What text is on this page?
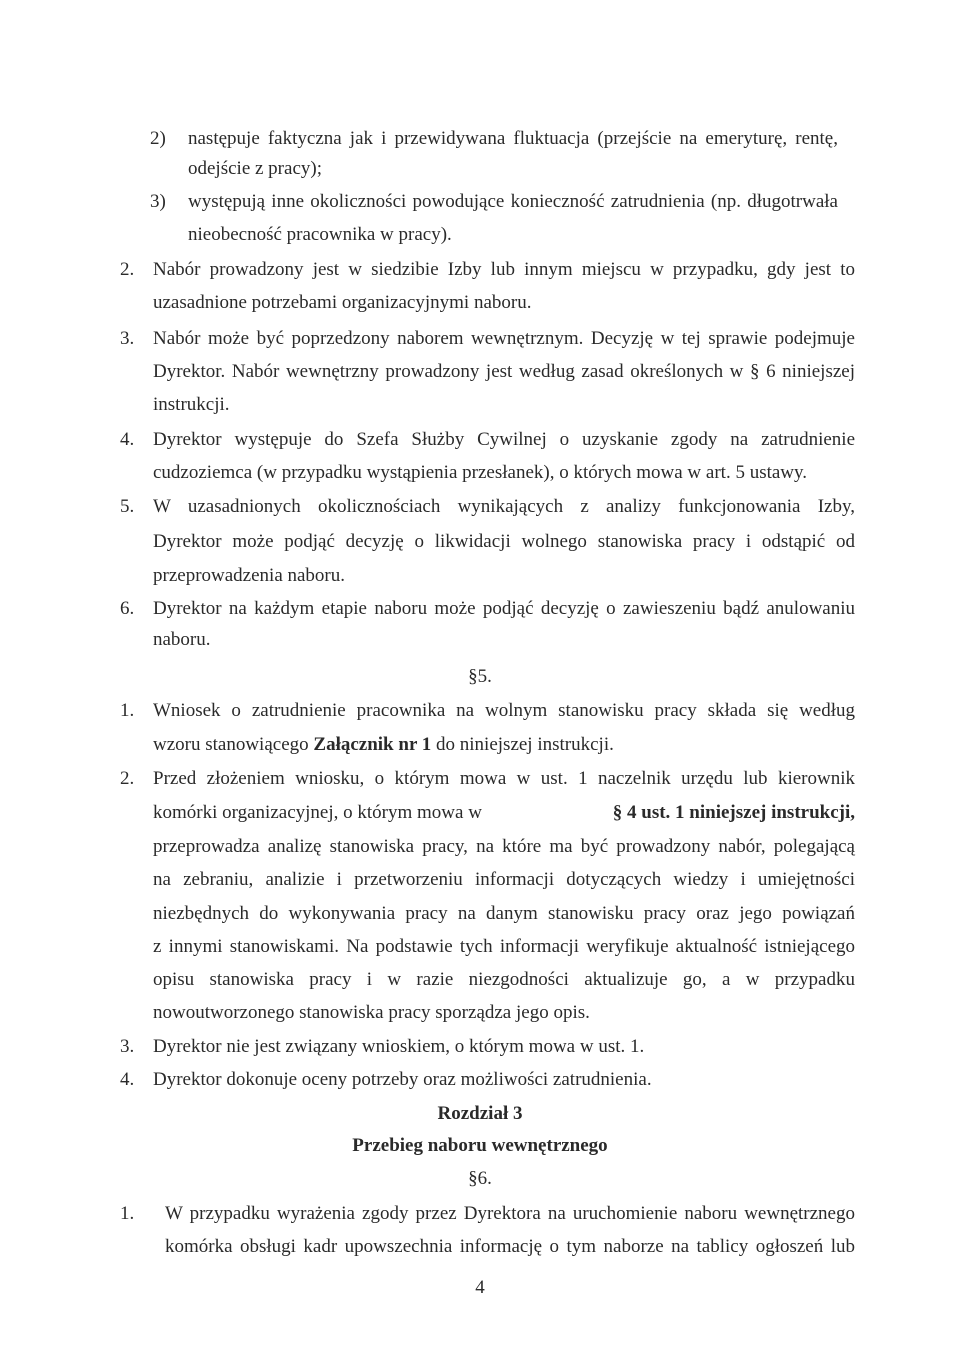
2) następuje faktyczna jak i przewidywana fluktuacja (przejście na emeryturę, rentę,
odejście z pracy);
3) występują inne okoliczności powodujące konieczność zatrudnienia (np. długotrwała
nieobecność pracownika w pracy).
2. Nabór prowadzony jest w siedzibie Izby lub innym miejscu w przypadku, gdy jest to
uzasadnione potrzebami organizacyjnymi naboru.
3. Nabór może być poprzedzony naborem wewnętrznym. Decyzję w tej sprawie podejmuje
Dyrektor. Nabór wewnętrzny prowadzony jest według zasad określonych w § 6 niniejszej
instrukcji.
4. Dyrektor występuje do Szefa Służby Cywilnej o uzyskanie zgody na zatrudnienie
cudzoziemca (w przypadku wystąpienia przesłanek), o których mowa w art. 5 ustawy.
5. W uzasadnionych okolicznościach wynikających z analizy funkcjonowania Izby,
Dyrektor może podjąć decyzję o likwidacji wolnego stanowiska pracy i odstąpić od
przeprowadzenia naboru.
6. Dyrektor na każdym etapie naboru może podjąć decyzję o zawieszeniu bądź anulowaniu
naboru.
§5.
1. Wniosek o zatrudnienie pracownika na wolnym stanowisku pracy składa się według
wzoru stanowiącego Załącznik nr 1 do niniejszej instrukcji.
2. Przed złożeniem wniosku, o którym mowa w ust. 1 naczelnik urzędu lub kierownik
komórki organizacyjnej, o którym mowa w	§ 4 ust. 1 niniejszej instrukcji,
przeprowadza analizę stanowiska pracy, na które ma być prowadzony nabór, polegającą
na zebraniu, analizie i przetworzeniu informacji dotyczących wiedzy i umiejętności
niezbędnych do wykonywania pracy na danym stanowisku pracy oraz jego powiązań
z innymi stanowiskami. Na podstawie tych informacji weryfikuje aktualność istniejącego
opisu stanowiska pracy i w razie niezgodności aktualizuje go, a w przypadku
nowoutworzonego stanowiska pracy sporządza jego opis.
3. Dyrektor nie jest związany wnioskiem, o którym mowa w ust. 1.
4. Dyrektor dokonuje oceny potrzeby oraz możliwości zatrudnienia.
Rozdział 3
Przebieg naboru wewnętrznego
§6.
1. W przypadku wyrażenia zgody przez Dyrektora na uruchomienie naboru wewnętrznego
komórka obsługi kadr upowszechnia informację o tym naborze na tablicy ogłoszeń lub
4
